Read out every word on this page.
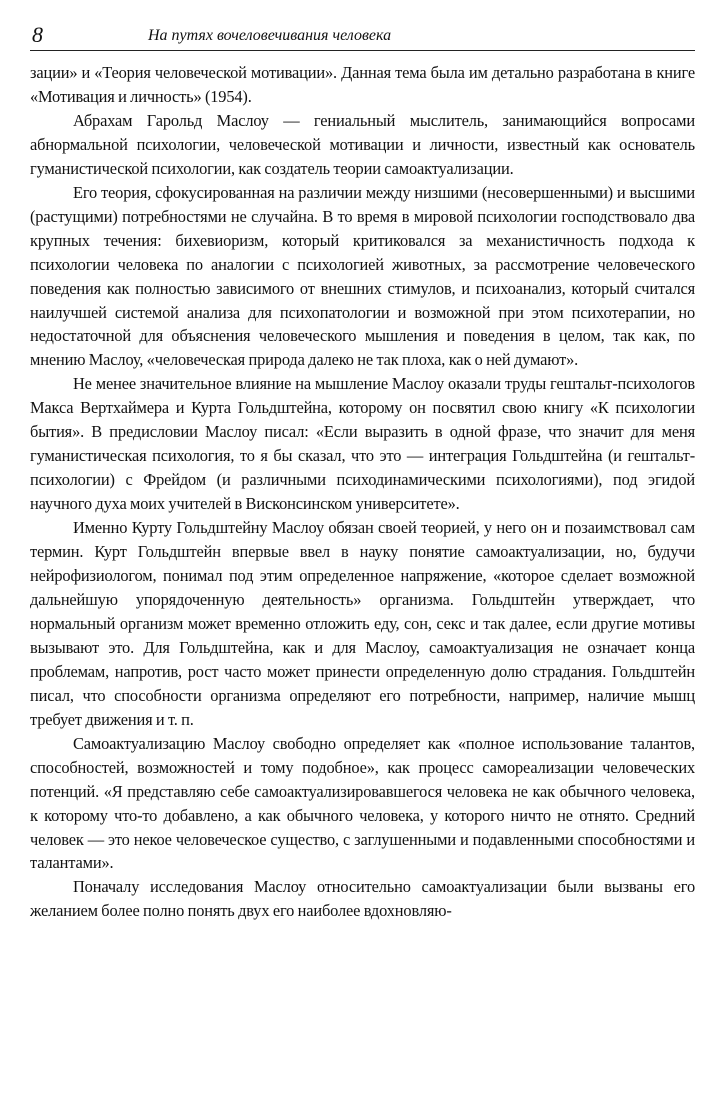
8	На путях вочеловечивания человека

зации» и «Теория человеческой мотивации». Данная тема была им детально разработана в книге «Мотивация и личность» (1954).

Абрахам Гарольд Маслоу — гениальный мыслитель, занимающийся вопросами абнормальной психологии, человеческой мотивации и личности, известный как основатель гуманистической психологии, как создатель теории самоактуализации.

Его теория, сфокусированная на различии между низшими (несовершенными) и высшими (растущими) потребностями не случайна. В то время в мировой психологии господствовало два крупных течения: бихевиоризм, который критиковался за механистичность подхода к психологии человека по аналогии с психологией животных, за рассмотрение человеческого поведения как полностью зависимого от внешних стимулов, и психоанализ, который считался наилучшей системой анализа для психопатологии и возможной при этом психотерапии, но недостаточной для объяснения человеческого мышления и поведения в целом, так как, по мнению Маслоу, «человеческая природа далеко не так плоха, как о ней думают».

Не менее значительное влияние на мышление Маслоу оказали труды гештальт-психологов Макса Вертхаймера и Курта Гольдштейна, которому он посвятил свою книгу «К психологии бытия». В предисловии Маслоу писал: «Если выразить в одной фразе, что значит для меня гуманистическая психология, то я бы сказал, что это — интеграция Гольдштейна (и гештальт-психологии) с Фрейдом (и различными психодинамическими психологиями), под эгидой научного духа моих учителей в Висконсинском университете».

Именно Курту Гольдштейну Маслоу обязан своей теорией, у него он и позаимствовал сам термин. Курт Гольдштейн впервые ввел в науку понятие самоактуализации, но, будучи нейрофизиологом, понимал под этим определенное напряжение, «которое сделает возможной дальнейшую упорядоченную деятельность» организма. Гольдштейн утверждает, что нормальный организм может временно отложить еду, сон, секс и так далее, если другие мотивы вызывают это. Для Гольдштейна, как и для Маслоу, самоактуализация не означает конца проблемам, напротив, рост часто может принести определенную долю страдания. Гольдштейн писал, что способности организма определяют его потребности, например, наличие мышц требует движения и т. п.

Самоактуализацию Маслоу свободно определяет как «полное использование талантов, способностей, возможностей и тому подобное», как процесс самореализации человеческих потенций. «Я представляю себе самоактуализировавшегося человека не как обычного человека, к которому что-то добавлено, а как обычного человека, у которого ничто не отнято. Средний человек — это некое человеческое существо, с заглушенными и подавленными способностями и талантами».

Поначалу исследования Маслоу относительно самоактуализации были вызваны его желанием более полно понять двух его наиболее вдохновляю-
